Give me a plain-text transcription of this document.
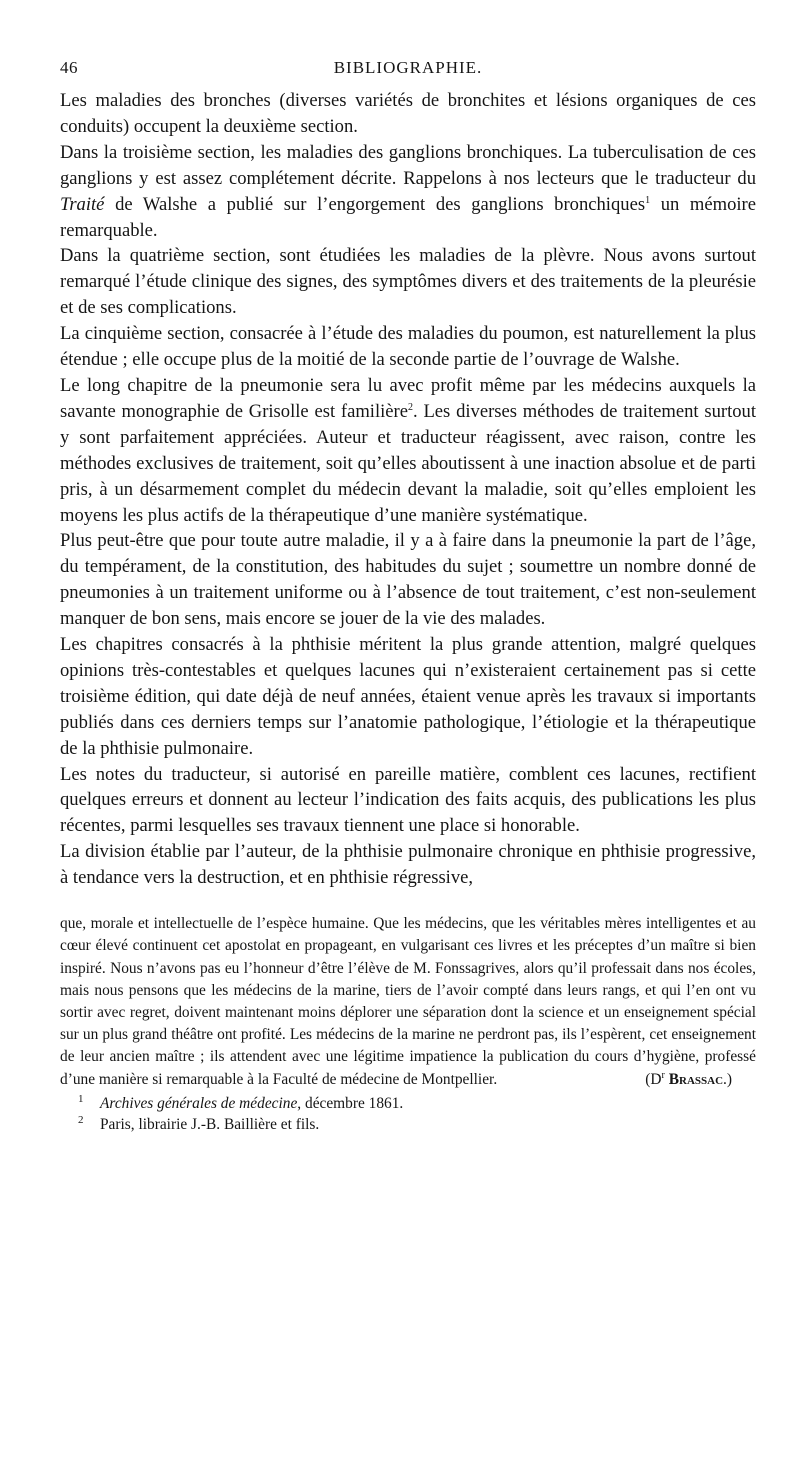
46	BIBLIOGRAPHIE.

Les maladies des bronches (diverses variétés de bronchites et lésions organiques de ces conduits) occupent la deuxième section.

Dans la troisième section, les maladies des ganglions bronchiques. La tuberculisation de ces ganglions y est assez complétement décrite. Rappelons à nos lecteurs que le traducteur du Traité de Walshe a publié sur l’engorgement des ganglions bronchiques$^1$ un mémoire remarquable.

Dans la quatrième section, sont étudiées les maladies de la plèvre. Nous avons surtout remarqué l’étude clinique des signes, des symptômes divers et des traitements de la pleurésie et de ses complications.

La cinquième section, consacrée à l’étude des maladies du poumon, est naturellement la plus étendue ; elle occupe plus de la moitié de la seconde partie de l’ouvrage de Walshe.

Le long chapitre de la pneumonie sera lu avec profit même par les médecins auxquels la savante monographie de Grisolle est familière$^2$. Les diverses méthodes de traitement surtout y sont parfaitement appréciées. Auteur et traducteur réagissent, avec raison, contre les méthodes exclusives de traitement, soit qu’elles aboutissent à une inaction absolue et de parti pris, à un désarmement complet du médecin devant la maladie, soit qu’elles emploient les moyens les plus actifs de la thérapeutique d’une manière systématique.

Plus peut-être que pour toute autre maladie, il y a à faire dans la pneumonie la part de l’âge, du tempérament, de la constitution, des habitudes du sujet ; soumettre un nombre donné de pneumonies à un traitement uniforme ou à l’absence de tout traitement, c’est non-seulement manquer de bon sens, mais encore se jouer de la vie des malades.

Les chapitres consacrés à la phthisie méritent la plus grande attention, malgré quelques opinions très-contestables et quelques lacunes qui n’existeraient certainement pas si cette troisième édition, qui date déjà de neuf années, étaient venue après les travaux si importants publiés dans ces derniers temps sur l’anatomie pathologique, l’étiologie et la thérapeutique de la phthisie pulmonaire.

Les notes du traducteur, si autorisé en pareille matière, comblent ces lacunes, rectifient quelques erreurs et donnent au lecteur l’indication des faits acquis, des publications les plus récentes, parmi lesquelles ses travaux tiennent une place si honorable.

La division établie par l’auteur, de la phthisie pulmonaire chronique en phthisie progressive, à tendance vers la destruction, et en phthisie régressive,

que, morale et intellectuelle de l’espèce humaine. Que les médecins, que les véritables mères intelligentes et au cœur élevé continuent cet apostolat en propageant, en vulgarisant ces livres et les préceptes d’un maître si bien inspiré. Nous n’avons pas eu l’honneur d’être l’élève de M. Fonssagrives, alors qu’il professait dans nos écoles, mais nous pensons que les médecins de la marine, tiers de l’avoir compté dans leurs rangs, et qui l’en ont vu sortir avec regret, doivent maintenant moins déplorer une séparation dont la science et un enseignement spécial sur un plus grand théâtre ont profité. Les médecins de la marine ne perdront pas, ils l’espèrent, cet enseignement de leur ancien maître ; ils attendent avec une légitime impatience la publication du cours d’hygiène, professé d’une manière si remarquable à la Faculté de médecine de Montpellier.	($D^r$ Brassac.)

1 Archives générales de médecine, décembre 1861.

2 Paris, librairie J.-B. Baillière et fils.
